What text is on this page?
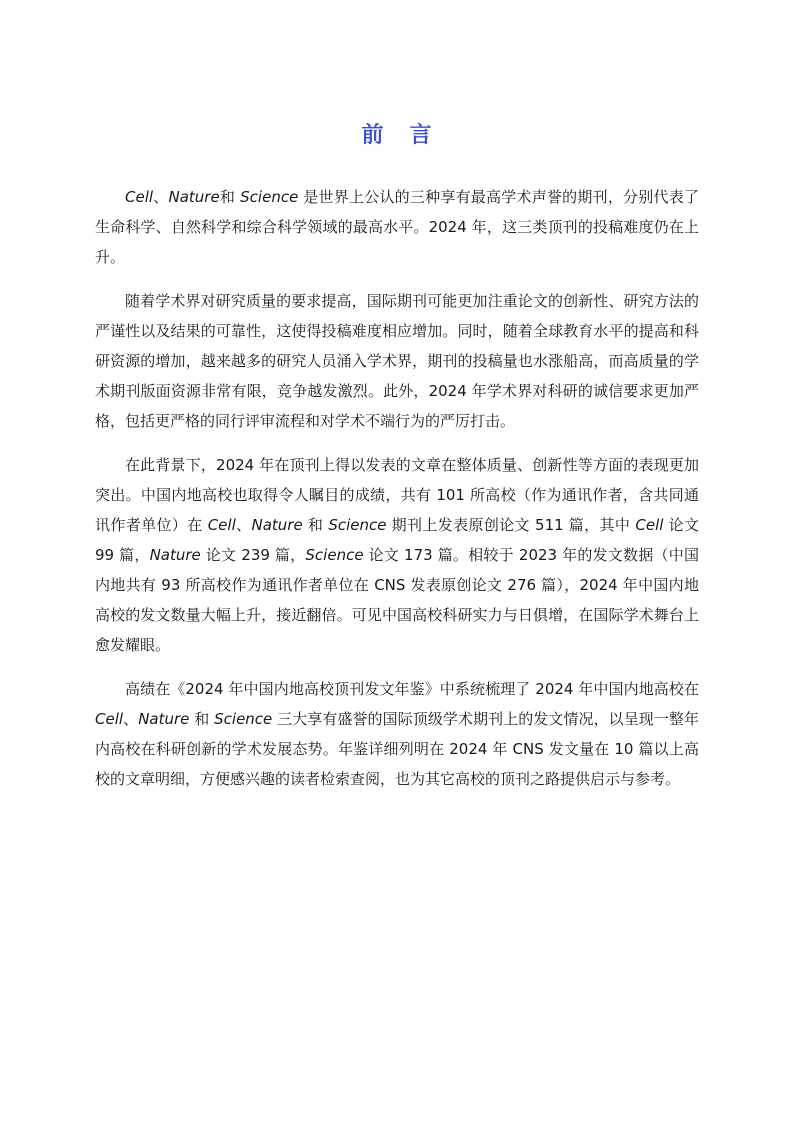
前 言

Cell、Nature和 Science 是世界上公认的三种享有最高学术声誉的期刊，分别代表了生命科学、自然科学和综合科学领域的最高水平。2024 年，这三类顶刊的投稿难度仍在上升。

随着学术界对研究质量的要求提高，国际期刊可能更加注重论文的创新性、研究方法的严谨性以及结果的可靠性，这使得投稿难度相应增加。同时，随着全球教育水平的提高和科研资源的增加，越来越多的研究人员涌入学术界，期刊的投稿量也水涨船高，而高质量的学术期刊版面资源非常有限，竞争越发激烈。此外，2024 年学术界对科研的诚信要求更加严格，包括更严格的同行评审流程和对学术不端行为的严厉打击。

在此背景下，2024 年在顶刊上得以发表的文章在整体质量、创新性等方面的表现更加突出。中国内地高校也取得令人瞩目的成绩，共有 101 所高校（作为通讯作者，含共同通讯作者单位）在 Cell、Nature 和 Science 期刊上发表原创论文 511 篇，其中 Cell 论文 99 篇，Nature 论文 239 篇，Science 论文 173 篇。相较于 2023 年的发文数据（中国内地共有 93 所高校作为通讯作者单位在 CNS 发表原创论文 276 篇），2024 年中国内地高校的发文数量大幅上升，接近翻倍。可见中国高校科研实力与日俱增，在国际学术舞台上愈发耀眼。

高绩在《2024 年中国内地高校顶刊发文年鉴》中系统梳理了 2024 年中国内地高校在 Cell、Nature 和 Science 三大享有盛誉的国际顶级学术期刊上的发文情况，以呈现一整年内高校在科研创新的学术发展态势。年鉴详细列明在 2024 年 CNS 发文量在 10 篇以上高校的文章明细，方便感兴趣的读者检索查阅，也为其它高校的顶刊之路提供启示与参考。
